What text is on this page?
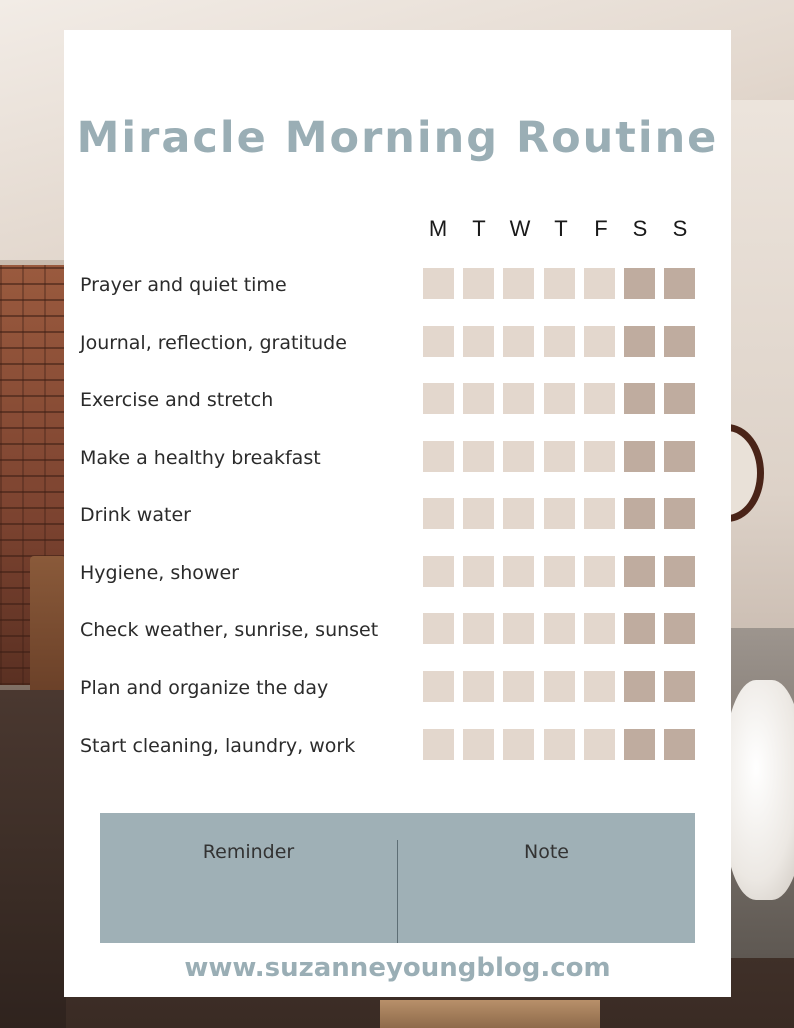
Miracle Morning Routine
M	T	W	T	F	S	S
Prayer and quiet time
Journal, reflection, gratitude
Exercise and stretch
Make a healthy breakfast
Drink water
Hygiene, shower
Check weather, sunrise, sunset
Plan and organize the day
Start cleaning, laundry, work
Reminder	Note
www.suzanneyoungblog.com
